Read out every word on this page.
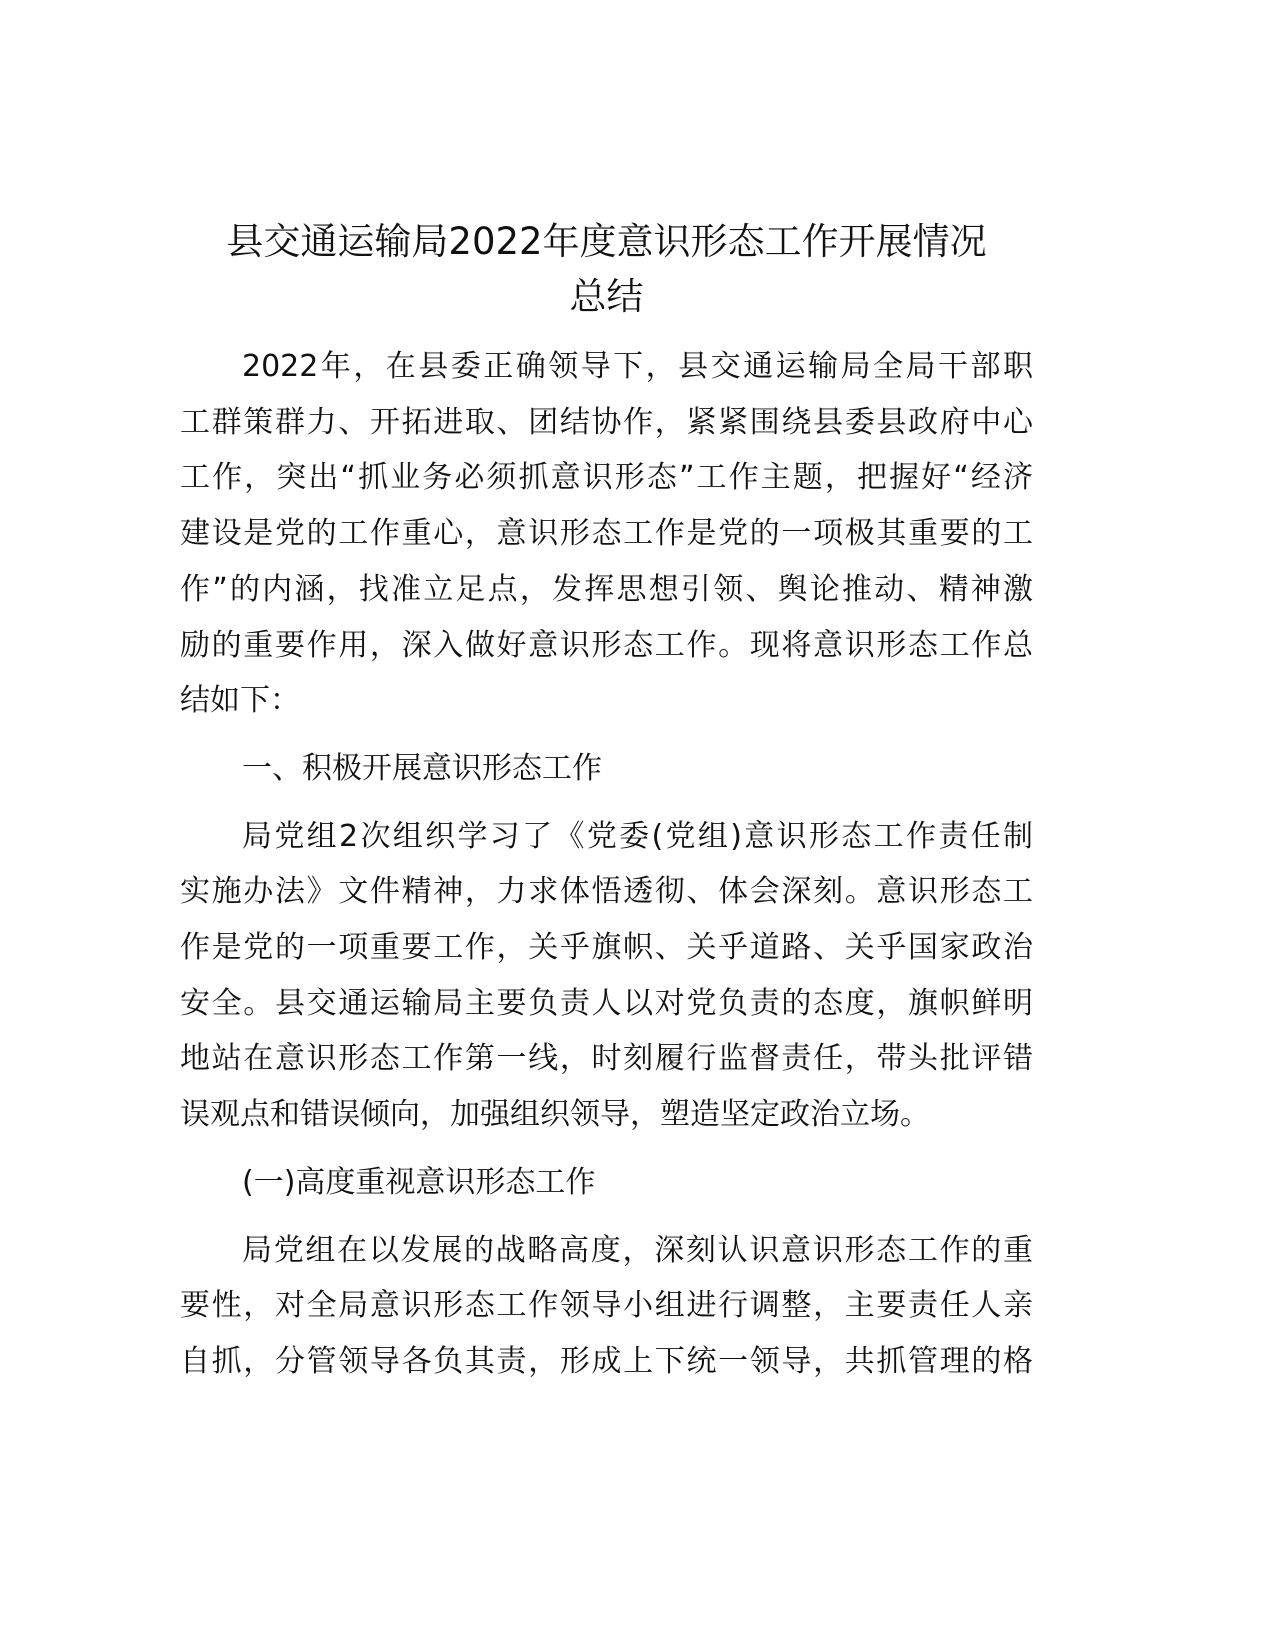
县交通运输局2022年度意识形态工作开展情况
总结
2022年，在县委正确领导下，县交通运输局全局干部职
工群策群力、开拓进取、团结协作，紧紧围绕县委县政府中心
工作，突出“抓业务必须抓意识形态”工作主题，把握好“经济
建设是党的工作重心，意识形态工作是党的一项极其重要的工
作”的内涵，找准立足点，发挥思想引领、舆论推动、精神激
励的重要作用，深入做好意识形态工作。现将意识形态工作总
结如下：
一、积极开展意识形态工作
局党组2次组织学习了《党委(党组)意识形态工作责任制
实施办法》文件精神，力求体悟透彻、体会深刻。意识形态工
作是党的一项重要工作，关乎旗帜、关乎道路、关乎国家政治
安全。县交通运输局主要负责人以对党负责的态度，旗帜鲜明
地站在意识形态工作第一线，时刻履行监督责任，带头批评错
误观点和错误倾向，加强组织领导，塑造坚定政治立场。
(一)高度重视意识形态工作
局党组在以发展的战略高度，深刻认识意识形态工作的重
要性，对全局意识形态工作领导小组进行调整，主要责任人亲
自抓，分管领导各负其责，形成上下统一领导，共抓管理的格
